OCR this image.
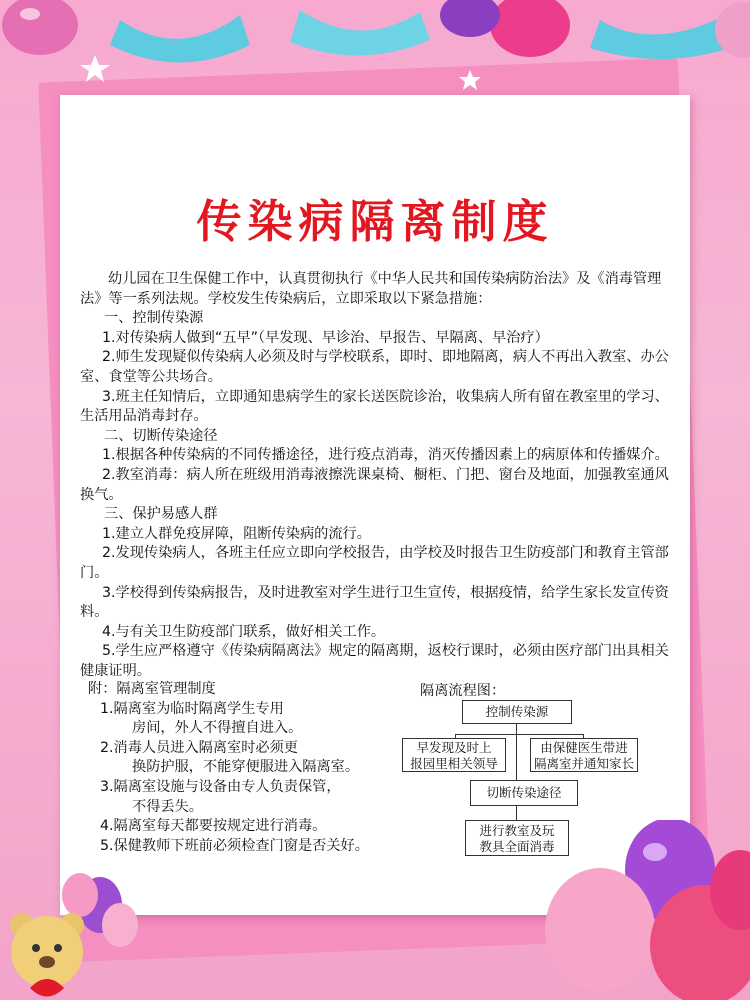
传染病隔离制度

幼儿园在卫生保健工作中，认真贯彻执行《中华人民共和国传染病防治法》及《消毒管理法》等一系列法规。学校发生传染病后，立即采取以下紧急措施：

一、控制传染源

1.对传染病人做到“五早”（早发现、早诊治、早报告、早隔离、早治疗）

2.师生发现疑似传染病人必须及时与学校联系，即时、即地隔离，病人不再出入教室、办公室、食堂等公共场合。

3.班主任知情后，立即通知患病学生的家长送医院诊治，收集病人所有留在教室里的学习、生活用品消毒封存。

二、切断传染途径

1.根据各种传染病的不同传播途径，进行疫点消毒，消灭传播因素上的病原体和传播媒介。

2.教室消毒：病人所在班级用消毒液擦洗课桌椅、橱柜、门把、窗台及地面，加强教室通风换气。

三、保护易感人群

1.建立人群免疫屏障，阻断传染病的流行。

2.发现传染病人，各班主任应立即向学校报告，由学校及时报告卫生防疫部门和教育主管部门。

3.学校得到传染病报告，及时进教室对学生进行卫生宣传，根据疫情，给学生家长发宣传资料。

4.与有关卫生防疫部门联系，做好相关工作。

5.学生应严格遵守《传染病隔离法》规定的隔离期，返校行课时，必须由医疗部门出具相关健康证明。

附：隔离室管理制度

1.隔离室为临时隔离学生专用

房间，外人不得擅自进入。

2.消毒人员进入隔离室时必须更

换防护服，不能穿便服进入隔离室。

3.隔离室设施与设备由专人负责保管，

不得丢失。

4.隔离室每天都要按规定进行消毒。

5.保健教师下班前必须检查门窗是否关好。

隔离流程图：
控制传染源
早发现及时上
报园里相关领导
由保健医生带进
隔离室并通知家长
切断传染途径
进行教室及玩
教具全面消毒
